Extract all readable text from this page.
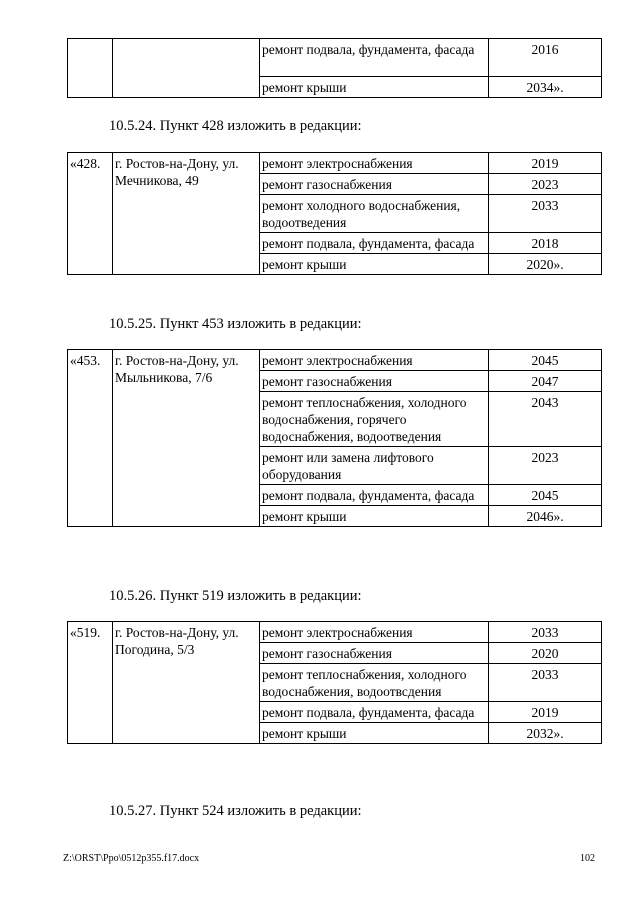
		ремонт подвала, фундамента, фасада	2016
		ремонт крыши	2034».
10.5.24. Пункт 428 изложить в редакции:
«428.	г. Ростов-на-Дону, ул. Мечникова, 49	ремонт электроснабжения	2019
		ремонт газоснабжения	2023
		ремонт холодного водоснабжения, водоотведения	2033
		ремонт подвала, фундамента, фасада	2018
		ремонт крыши	2020».
10.5.25. Пункт 453 изложить в редакции:
«453.	г. Ростов-на-Дону, ул. Мыльникова, 7/6	ремонт электроснабжения	2045
		ремонт газоснабжения	2047
		ремонт теплоснабжения, холодного водоснабжения, горячего водоснабжения, водоотведения	2043
		ремонт или замена лифтового оборудования	2023
		ремонт подвала, фундамента, фасада	2045
		ремонт крыши	2046».
10.5.26. Пункт 519 изложить в редакции:
«519.	г. Ростов-на-Дону, ул. Погодина, 5/3	ремонт электроснабжения	2033
		ремонт газоснабжения	2020
		ремонт теплоснабжения, холодного водоснабжения, водоотвсдения	2033
		ремонт подвала, фундамента, фасада	2019
		ремонт крыши	2032».
10.5.27. Пункт 524 изложить в редакции:
Z:\ORST\Ppo\0512p355.f17.docx	102
